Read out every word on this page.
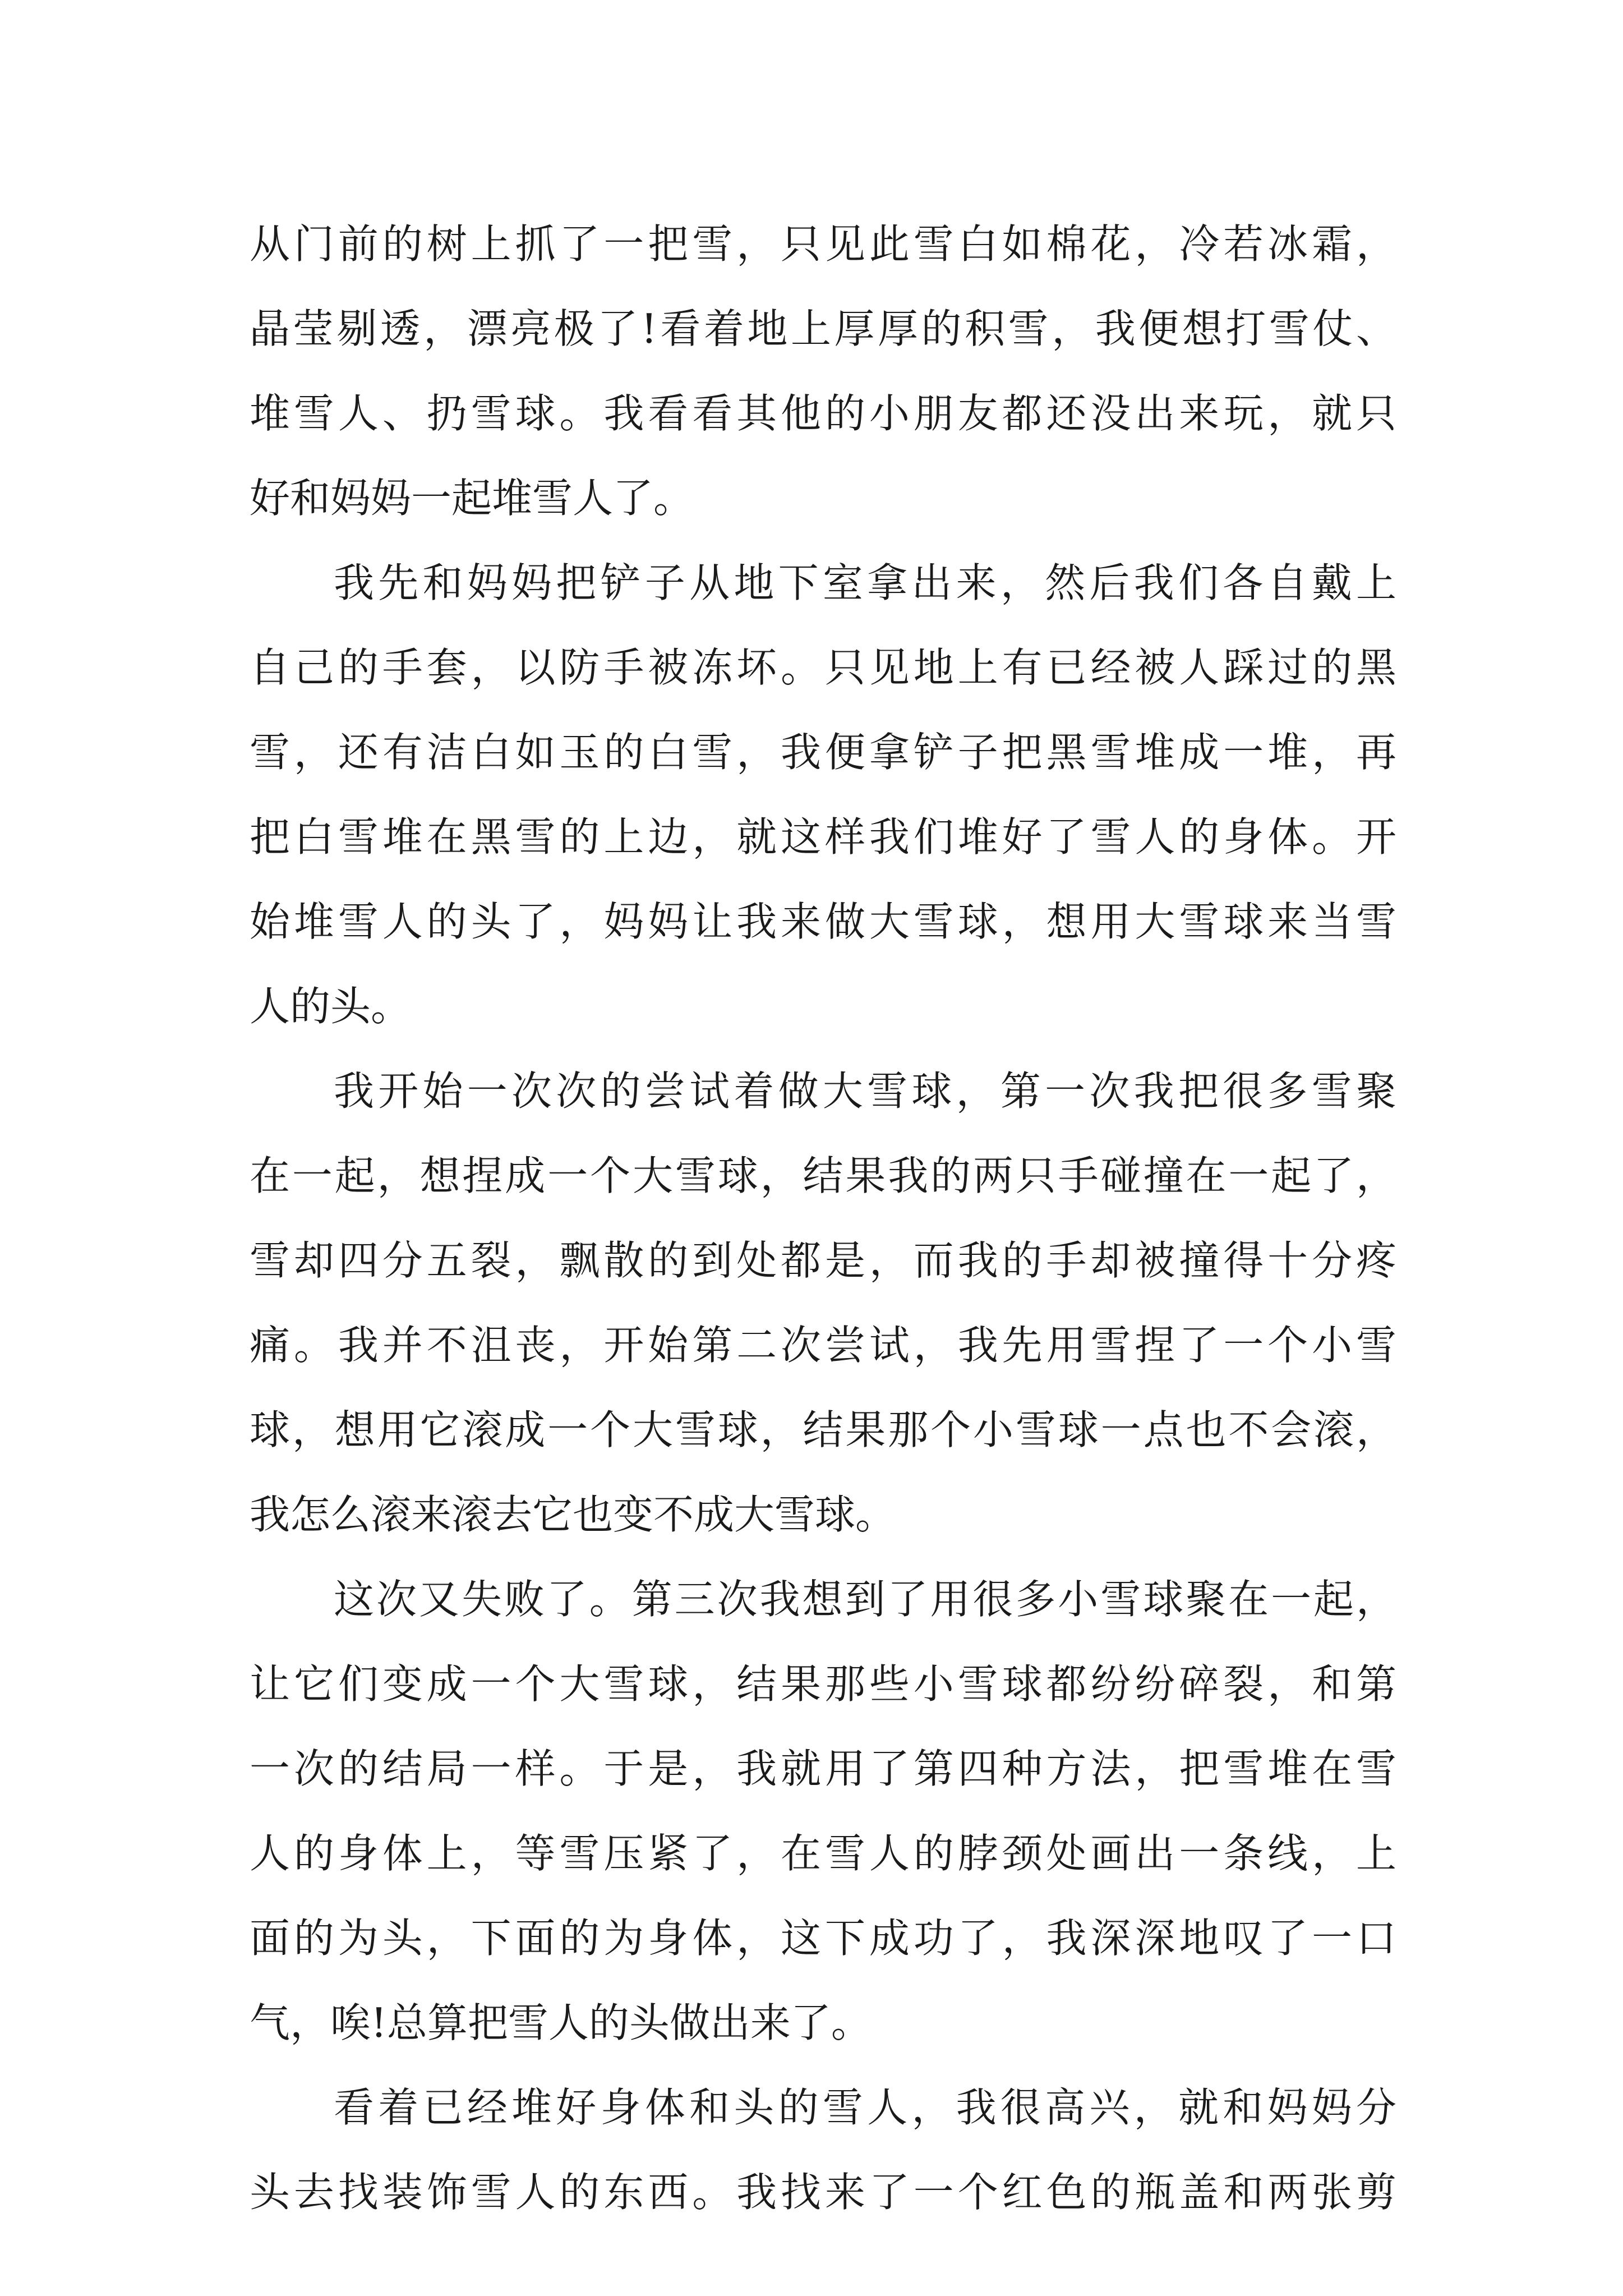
从门前的树上抓了一把雪，只见此雪白如棉花，冷若冰霜，
晶莹剔透，漂亮极了!看着地上厚厚的积雪，我便想打雪仗、
堆雪人、扔雪球。我看看其他的小朋友都还没出来玩，就只
好和妈妈一起堆雪人了。
我先和妈妈把铲子从地下室拿出来，然后我们各自戴上
自己的手套，以防手被冻坏。只见地上有已经被人踩过的黑
雪，还有洁白如玉的白雪，我便拿铲子把黑雪堆成一堆，再
把白雪堆在黑雪的上边，就这样我们堆好了雪人的身体。开
始堆雪人的头了，妈妈让我来做大雪球，想用大雪球来当雪
人的头。
我开始一次次的尝试着做大雪球，第一次我把很多雪聚
在一起，想捏成一个大雪球，结果我的两只手碰撞在一起了，
雪却四分五裂，飘散的到处都是，而我的手却被撞得十分疼
痛。我并不沮丧，开始第二次尝试，我先用雪捏了一个小雪
球，想用它滚成一个大雪球，结果那个小雪球一点也不会滚，
我怎么滚来滚去它也变不成大雪球。
这次又失败了。第三次我想到了用很多小雪球聚在一起，
让它们变成一个大雪球，结果那些小雪球都纷纷碎裂，和第
一次的结局一样。于是，我就用了第四种方法，把雪堆在雪
人的身体上，等雪压紧了，在雪人的脖颈处画出一条线，上
面的为头，下面的为身体，这下成功了，我深深地叹了一口
气，唉!总算把雪人的头做出来了。
看着已经堆好身体和头的雪人，我很高兴，就和妈妈分
头去找装饰雪人的东西。我找来了一个红色的瓶盖和两张剪
